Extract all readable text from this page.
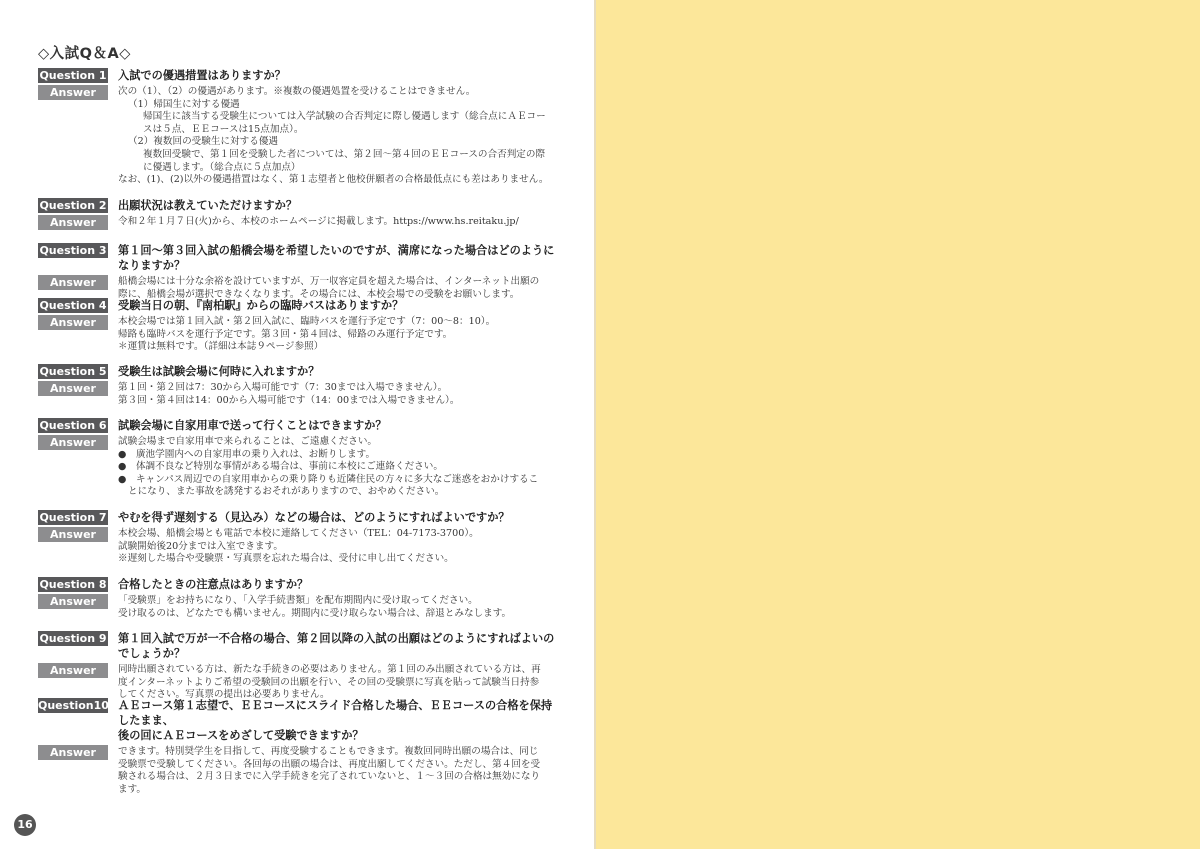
◇入試Q＆A◇
Question 1 入試での優遇措置はありますか？
Answer	次の（1）、（2）の優遇があります。※複数の優遇処置を受けることはできません。
（1）帰国生に対する優遇
帰国生に該当する受験生については入学試験の合否判定に際し優遇します（総合点にＡＥコー
スは５点、ＥＥコースは15点加点）。
（2）複数回の受験生に対する優遇
複数回受験で、第１回を受験した者については、第２回～第４回のＥＥコースの合否判定の際
に優遇します。（総合点に５点加点）
なお、(1)、(2)以外の優遇措置はなく、第１志望者と他校併願者の合格最低点にも差はありません。
Question 2 出願状況は教えていただけますか？
Answer	令和２年１月７日(火)から、本校のホームページに掲載します。https://www.hs.reitaku.jp/
Question 3 第１回～第３回入試の船橋会場を希望したいのですが、満席になった場合はどのようになりますか？
Answer	船橋会場には十分な余裕を設けていますが、万一収容定員を超えた場合は、インターネット出願の
際に、船橋会場が選択できなくなります。その場合には、本校会場での受験をお願いします。
Question 4 受験当日の朝、『南柏駅』からの臨時バスはありますか？
Answer	本校会場では第１回入試・第２回入試に、臨時バスを運行予定です（7：00～8：10）。
帰路も臨時バスを運行予定です。第３回・第４回は、帰路のみ運行予定です。
＊運賃は無料です。（詳細は本誌９ページ参照）
Question 5 受験生は試験会場に何時に入れますか？
Answer	第１回・第２回は7：30から入場可能です（7：30までは入場できません）。
第３回・第４回は14：00から入場可能です（14：00までは入場できません）。
Question 6 試験会場に自家用車で送って行くことはできますか？
Answer	試験会場まで自家用車で来られることは、ご遠慮ください。
●　廣池学園内への自家用車の乗り入れは、お断りします。
●　体調不良など特別な事情がある場合は、事前に本校にご連絡ください。
●　キャンパス周辺での自家用車からの乗り降りも近隣住民の方々に多大なご迷惑をおかけするこ
とになり、また事故を誘発するおそれがありますので、おやめください。
Question 7 やむを得ず遅刻する（見込み）などの場合は、どのようにすればよいですか？
Answer	本校会場、船橋会場とも電話で本校に連絡してください（TEL：04-7173-3700）。
試験開始後20分までは入室できます。
※遅刻した場合や受験票・写真票を忘れた場合は、受付に申し出てください。
Question 8 合格したときの注意点はありますか？
Answer	「受験票」をお持ちになり、「入学手続書類」を配布期間内に受け取ってください。
受け取るのは、どなたでも構いません。期間内に受け取らない場合は、辞退とみなします。
Question 9 第１回入試で万が一不合格の場合、第２回以降の入試の出願はどのようにすればよいのでしょうか？
Answer	同時出願されている方は、新たな手続きの必要はありません。第１回のみ出願されている方は、再
度インターネットよりご希望の受験回の出願を行い、その回の受験票に写真を貼って試験当日持参
してください。写真票の提出は必要ありません。
Question10 ＡＥコース第１志望で、ＥＥコースにスライド合格した場合、ＥＥコースの合格を保持したまま、
後の回にＡＥコースをめざして受験できますか？
Answer	できます。特別奨学生を目指して、再度受験することもできます。複数回同時出願の場合は、同じ
受験票で受験してください。各回毎の出願の場合は、再度出願してください。ただし、第４回を受
験される場合は、２月３日までに入学手続きを完了されていないと、１～３回の合格は無効になり
ます。
16
